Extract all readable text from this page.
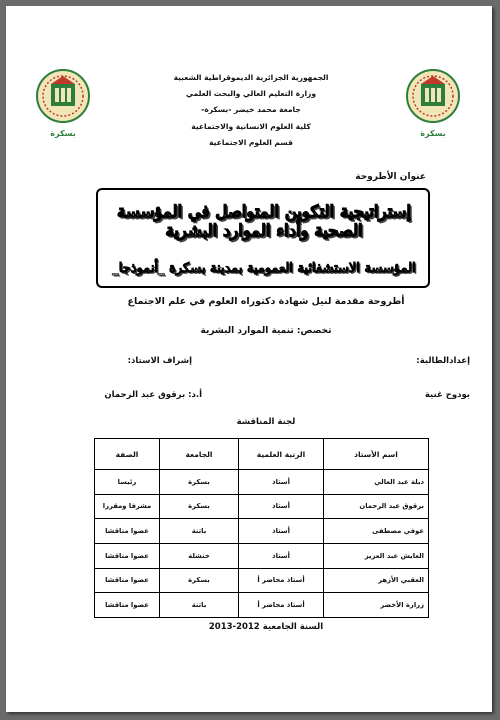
بسكرة	بسكرة
الجمهورية الجزائرية الديموقراطية الشعبية
وزارة التعليم العالي والبحث العلمي
جامعة محمد خيضر -بسكرة-
كلية العلوم الانسانية والاجتماعية
قسم العلوم الاجتماعية
عنوان الأطروحة
إستراتيجية التكوين المتواصل في المؤسسة الصحية وأداء الموارد البشرية
المؤسسة الاستشفائية العمومية بمدينة بسكرة _أنموذجا_
أطروحة مقدمة لنيل شهادة دكتوراه العلوم في علم الاجتماع
تخصص: تنمية الموارد البشرية
إعدادالطالبة:
إشراف الاستاذ:
بودوح غنية
أ.د: برقوق عبد الرحمان
لجنة المناقشة
اسم الأستاذ	الرتبة العلمية	الجامعة	الصفة
دبلة عبد العالي	أستاذ	بسكرة	رئيسا
برقوق عبد الرحمان	أستاذ	بسكرة	مشرفا ومقررا
عوفي مصطفى	أستاذ	باتنة	عضوا مناقشا
العايش عبد العزيز	أستاذ	خنشلة	عضوا مناقشا
العقبي الأزهر	أستاذ محاضر أ	بسكرة	عضوا مناقشا
زرارة الأخضر	أستاذ محاضر أ	باتنة	عضوا مناقشا
السنة الجامعية 2012-2013
